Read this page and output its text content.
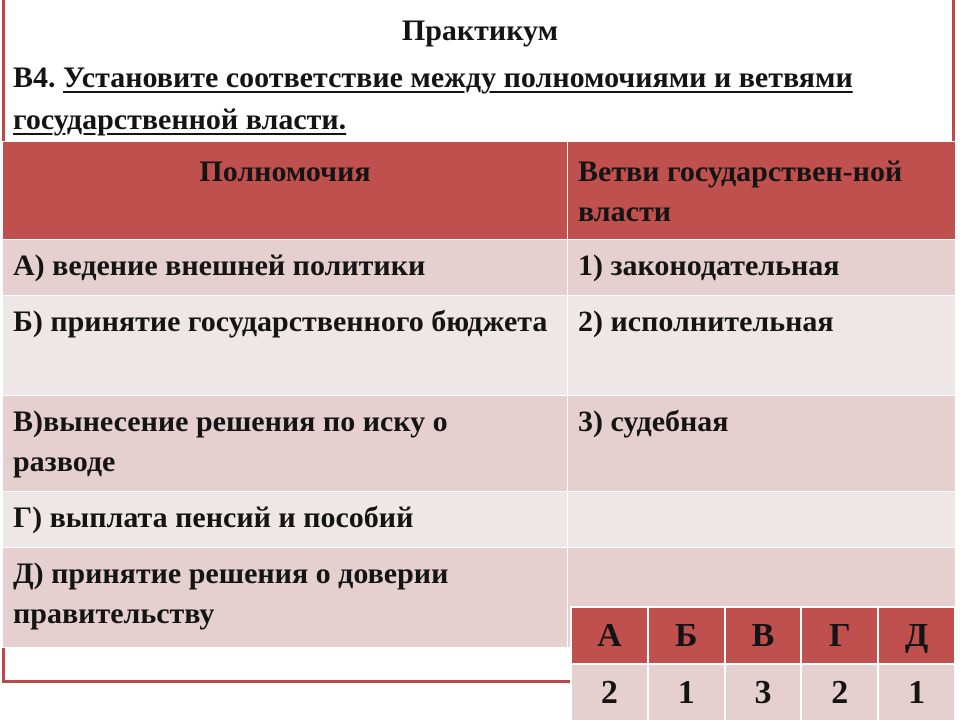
Практикум
В4. Установите соответствие между полномочиями и ветвями государственной власти.
Полномочия	Ветви государствен-ной власти
А) ведение внешней политики	1) законодательная
Б) принятие государственного бюджета	2) исполнительная
В)вынесение решения по иску о разводе	3) судебная
Г) выплата пенсий и пособий	
Д) принятие решения о доверии правительству	
А	Б	В	Г	Д
2	1	3	2	1
